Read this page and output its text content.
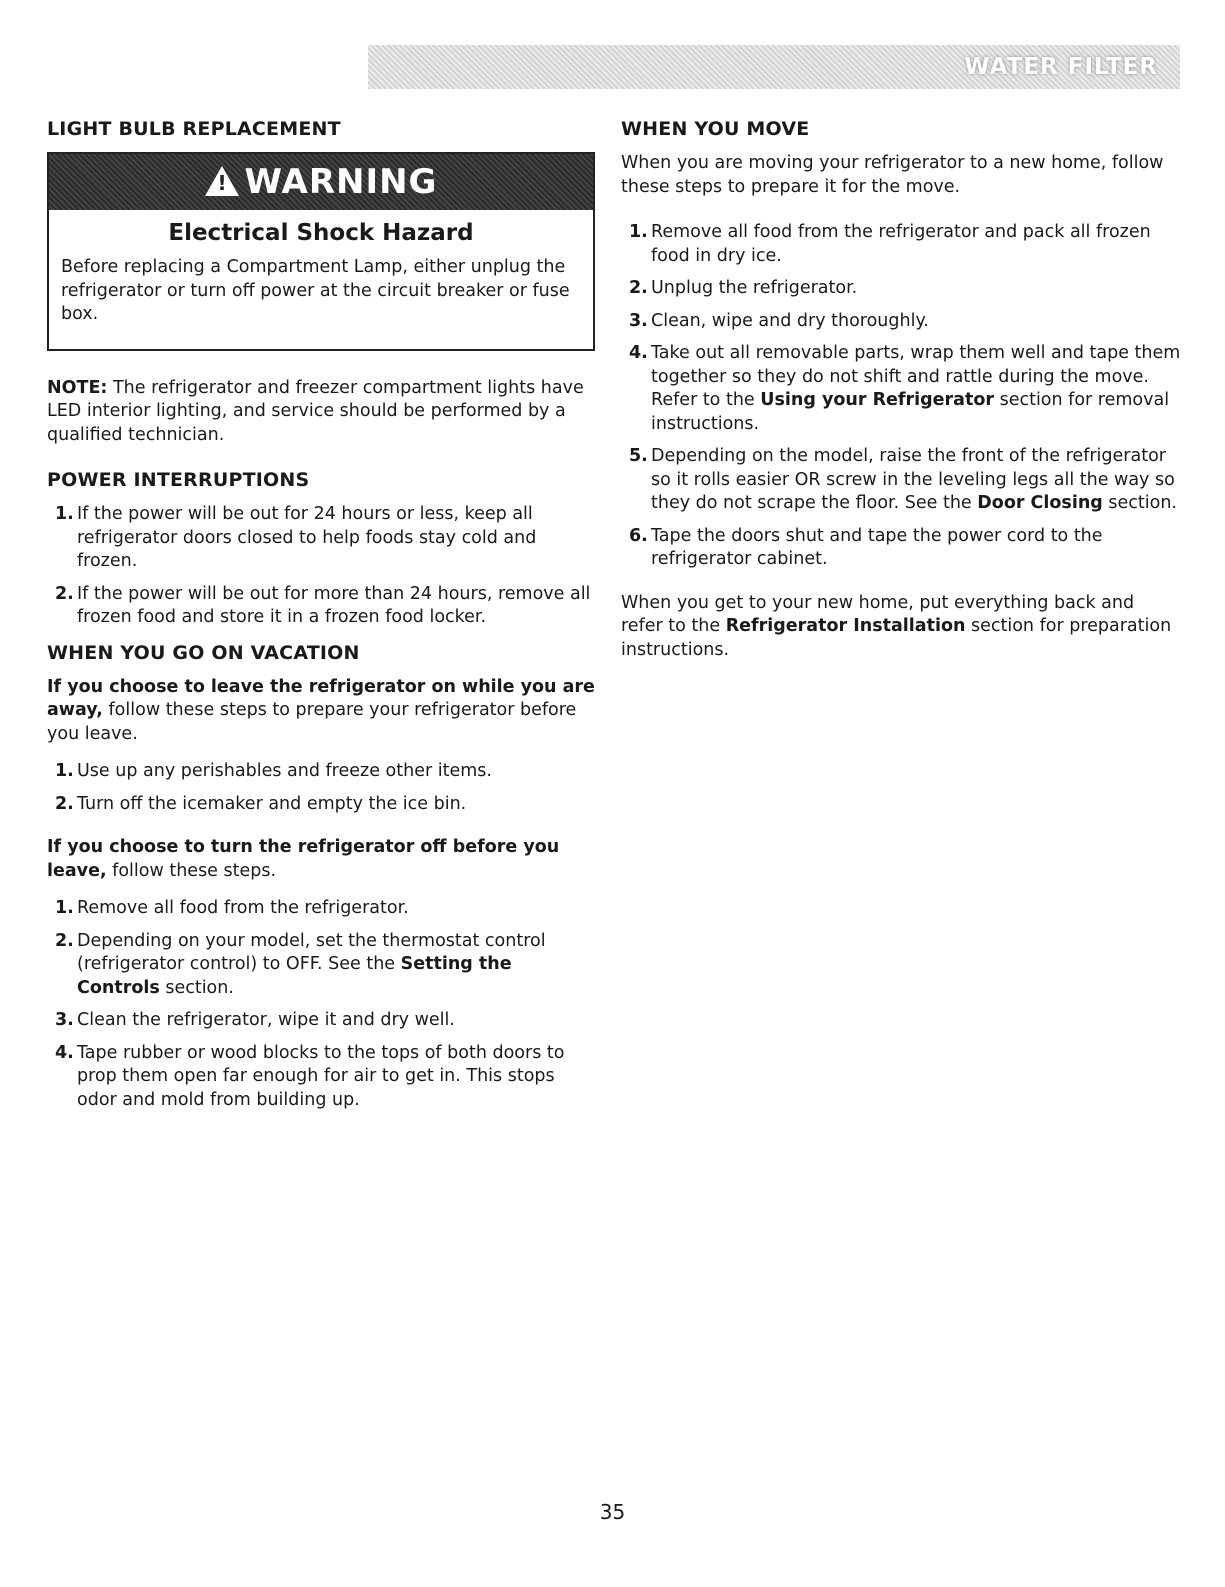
WATER FILTER
LIGHT BULB REPLACEMENT
! WARNING
Electrical Shock Hazard

Before replacing a Compartment Lamp, either unplug the refrigerator or turn off power at the circuit breaker or fuse box.

NOTE: The refrigerator and freezer compartment lights have LED interior lighting, and service should be performed by a qualified technician.

POWER INTERRUPTIONS
1. If the power will be out for 24 hours or less, keep all refrigerator doors closed to help foods stay cold and frozen.
2. If the power will be out for more than 24 hours, remove all frozen food and store it in a frozen food locker.
WHEN YOU GO ON VACATION

If you choose to leave the refrigerator on while you are away, follow these steps to prepare your refrigerator before you leave.

1. Use up any perishables and freeze other items.
2. Turn off the icemaker and empty the ice bin.

If you choose to turn the refrigerator off before you leave, follow these steps.

1. Remove all food from the refrigerator.
2. Depending on your model, set the thermostat control (refrigerator control) to OFF. See the Setting the Controls section.
3. Clean the refrigerator, wipe it and dry well.
4. Tape rubber or wood blocks to the tops of both doors to prop them open far enough for air to get in. This stops odor and mold from building up.
WHEN YOU MOVE

When you are moving your refrigerator to a new home, follow these steps to prepare it for the move.

1. Remove all food from the refrigerator and pack all frozen food in dry ice.
2. Unplug the refrigerator.
3. Clean, wipe and dry thoroughly.
4. Take out all removable parts, wrap them well and tape them together so they do not shift and rattle during the move. Refer to the Using your Refrigerator section for removal instructions.
5. Depending on the model, raise the front of the refrigerator so it rolls easier OR screw in the leveling legs all the way so they do not scrape the floor. See the Door Closing section.
6. Tape the doors shut and tape the power cord to the refrigerator cabinet.

When you get to your new home, put everything back and refer to the Refrigerator Installation section for preparation instructions.

35
